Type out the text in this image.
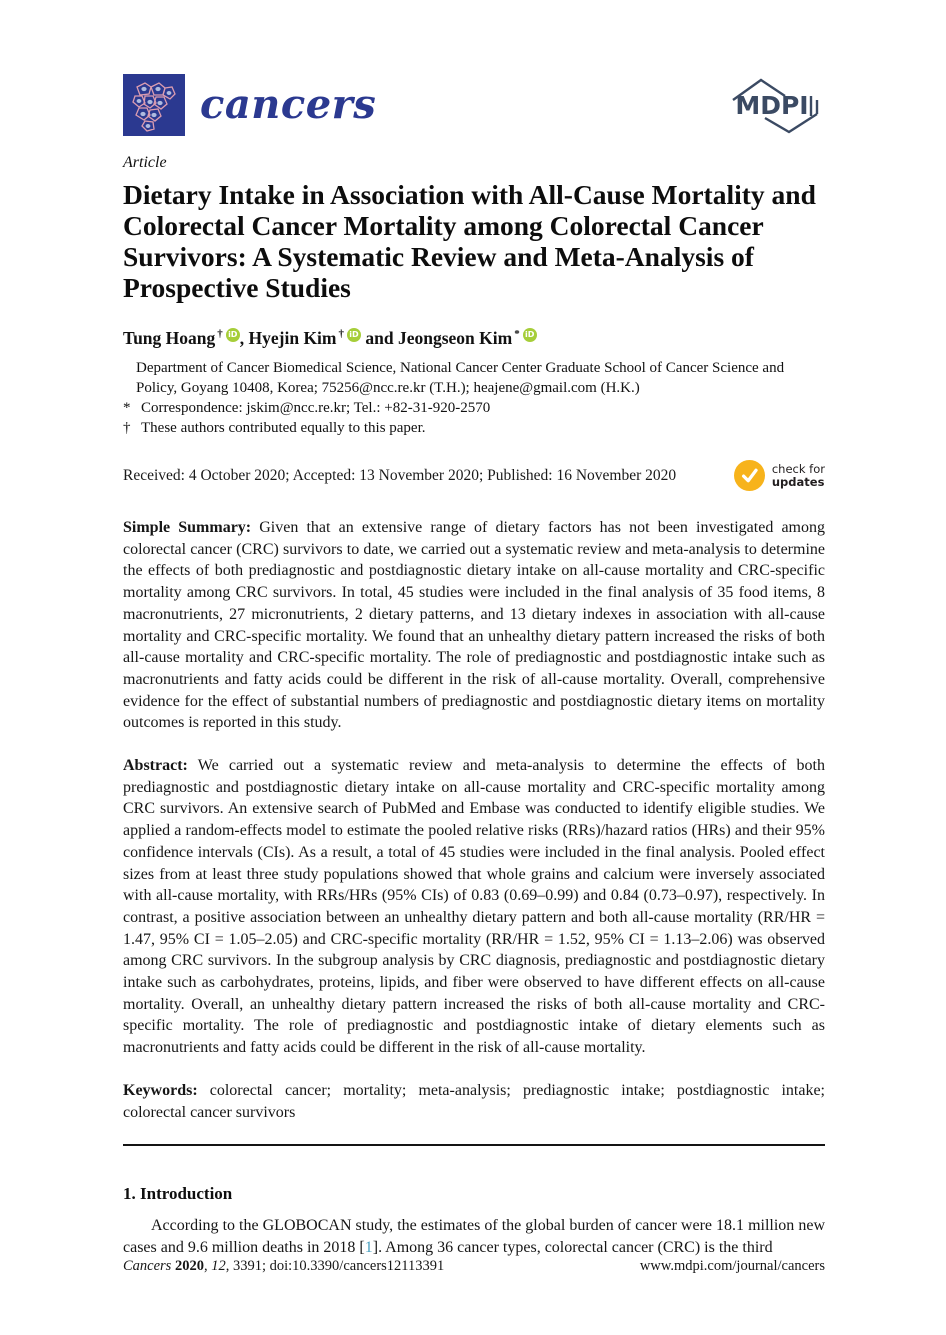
cancers	MDPI
Article
Dietary Intake in Association with All-Cause Mortality and Colorectal Cancer Mortality among Colorectal Cancer Survivors: A Systematic Review and Meta-Analysis of Prospective Studies
Tung Hoang † iD , Hyejin Kim † iD and Jeongseon Kim * iD
Department of Cancer Biomedical Science, National Cancer Center Graduate School of Cancer Science and Policy, Goyang 10408, Korea; 75256@ncc.re.kr (T.H.); heajene@gmail.com (H.K.)
* Correspondence: jskim@ncc.re.kr; Tel.: +82-31-920-2570
† These authors contributed equally to this paper.
Received: 4 October 2020; Accepted: 13 November 2020; Published: 16 November 2020	check for
updates

Simple Summary: Given that an extensive range of dietary factors has not been investigated among colorectal cancer (CRC) survivors to date, we carried out a systematic review and meta-analysis to determine the effects of both prediagnostic and postdiagnostic dietary intake on all-cause mortality and CRC-specific mortality among CRC survivors. In total, 45 studies were included in the final analysis of 35 food items, 8 macronutrients, 27 micronutrients, 2 dietary patterns, and 13 dietary indexes in association with all-cause mortality and CRC-specific mortality. We found that an unhealthy dietary pattern increased the risks of both all-cause mortality and CRC-specific mortality. The role of prediagnostic and postdiagnostic intake such as macronutrients and fatty acids could be different in the risk of all-cause mortality. Overall, comprehensive evidence for the effect of substantial numbers of prediagnostic and postdiagnostic dietary items on mortality outcomes is reported in this study.

Abstract: We carried out a systematic review and meta-analysis to determine the effects of both prediagnostic and postdiagnostic dietary intake on all-cause mortality and CRC-specific mortality among CRC survivors. An extensive search of PubMed and Embase was conducted to identify eligible studies. We applied a random-effects model to estimate the pooled relative risks (RRs)/hazard ratios (HRs) and their 95% confidence intervals (CIs). As a result, a total of 45 studies were included in the final analysis. Pooled effect sizes from at least three study populations showed that whole grains and calcium were inversely associated with all-cause mortality, with RRs/HRs (95% CIs) of 0.83 (0.69–0.99) and 0.84 (0.73–0.97), respectively. In contrast, a positive association between an unhealthy dietary pattern and both all-cause mortality (RR/HR = 1.47, 95% CI = 1.05–2.05) and CRC-specific mortality (RR/HR = 1.52, 95% CI = 1.13–2.06) was observed among CRC survivors. In the subgroup analysis by CRC diagnosis, prediagnostic and postdiagnostic dietary intake such as carbohydrates, proteins, lipids, and fiber were observed to have different effects on all-cause mortality. Overall, an unhealthy dietary pattern increased the risks of both all-cause mortality and CRC-specific mortality. The role of prediagnostic and postdiagnostic intake of dietary elements such as macronutrients and fatty acids could be different in the risk of all-cause mortality.

Keywords: colorectal cancer; mortality; meta-analysis; prediagnostic intake; postdiagnostic intake; colorectal cancer survivors

1. Introduction

According to the GLOBOCAN study, the estimates of the global burden of cancer were 18.1 million new cases and 9.6 million deaths in 2018 [1]. Among 36 cancer types, colorectal cancer (CRC) is the third

Cancers 2020, 12, 3391; doi:10.3390/cancers12113391	www.mdpi.com/journal/cancers
